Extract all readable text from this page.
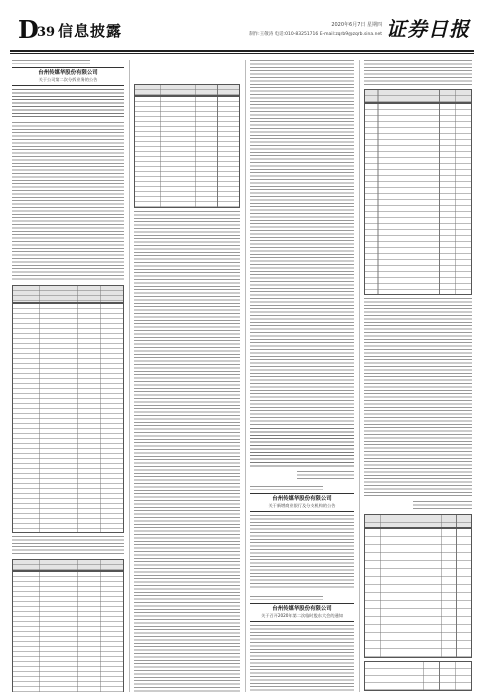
D 39 信息披露	2020年6月7日 星期四
制作:王敬涛 电话:010-83251716 E-mail:zqrb9@zqrb.sina.net 证券日报
台州传媒华股份有限公司
关于公司第二次分拆业务的公告
台州传媒华股份有限公司
关于新增商业银行及分支机构的公告
台州传媒华股份有限公司
关于召开2020年第二次临时股东大会的通知
